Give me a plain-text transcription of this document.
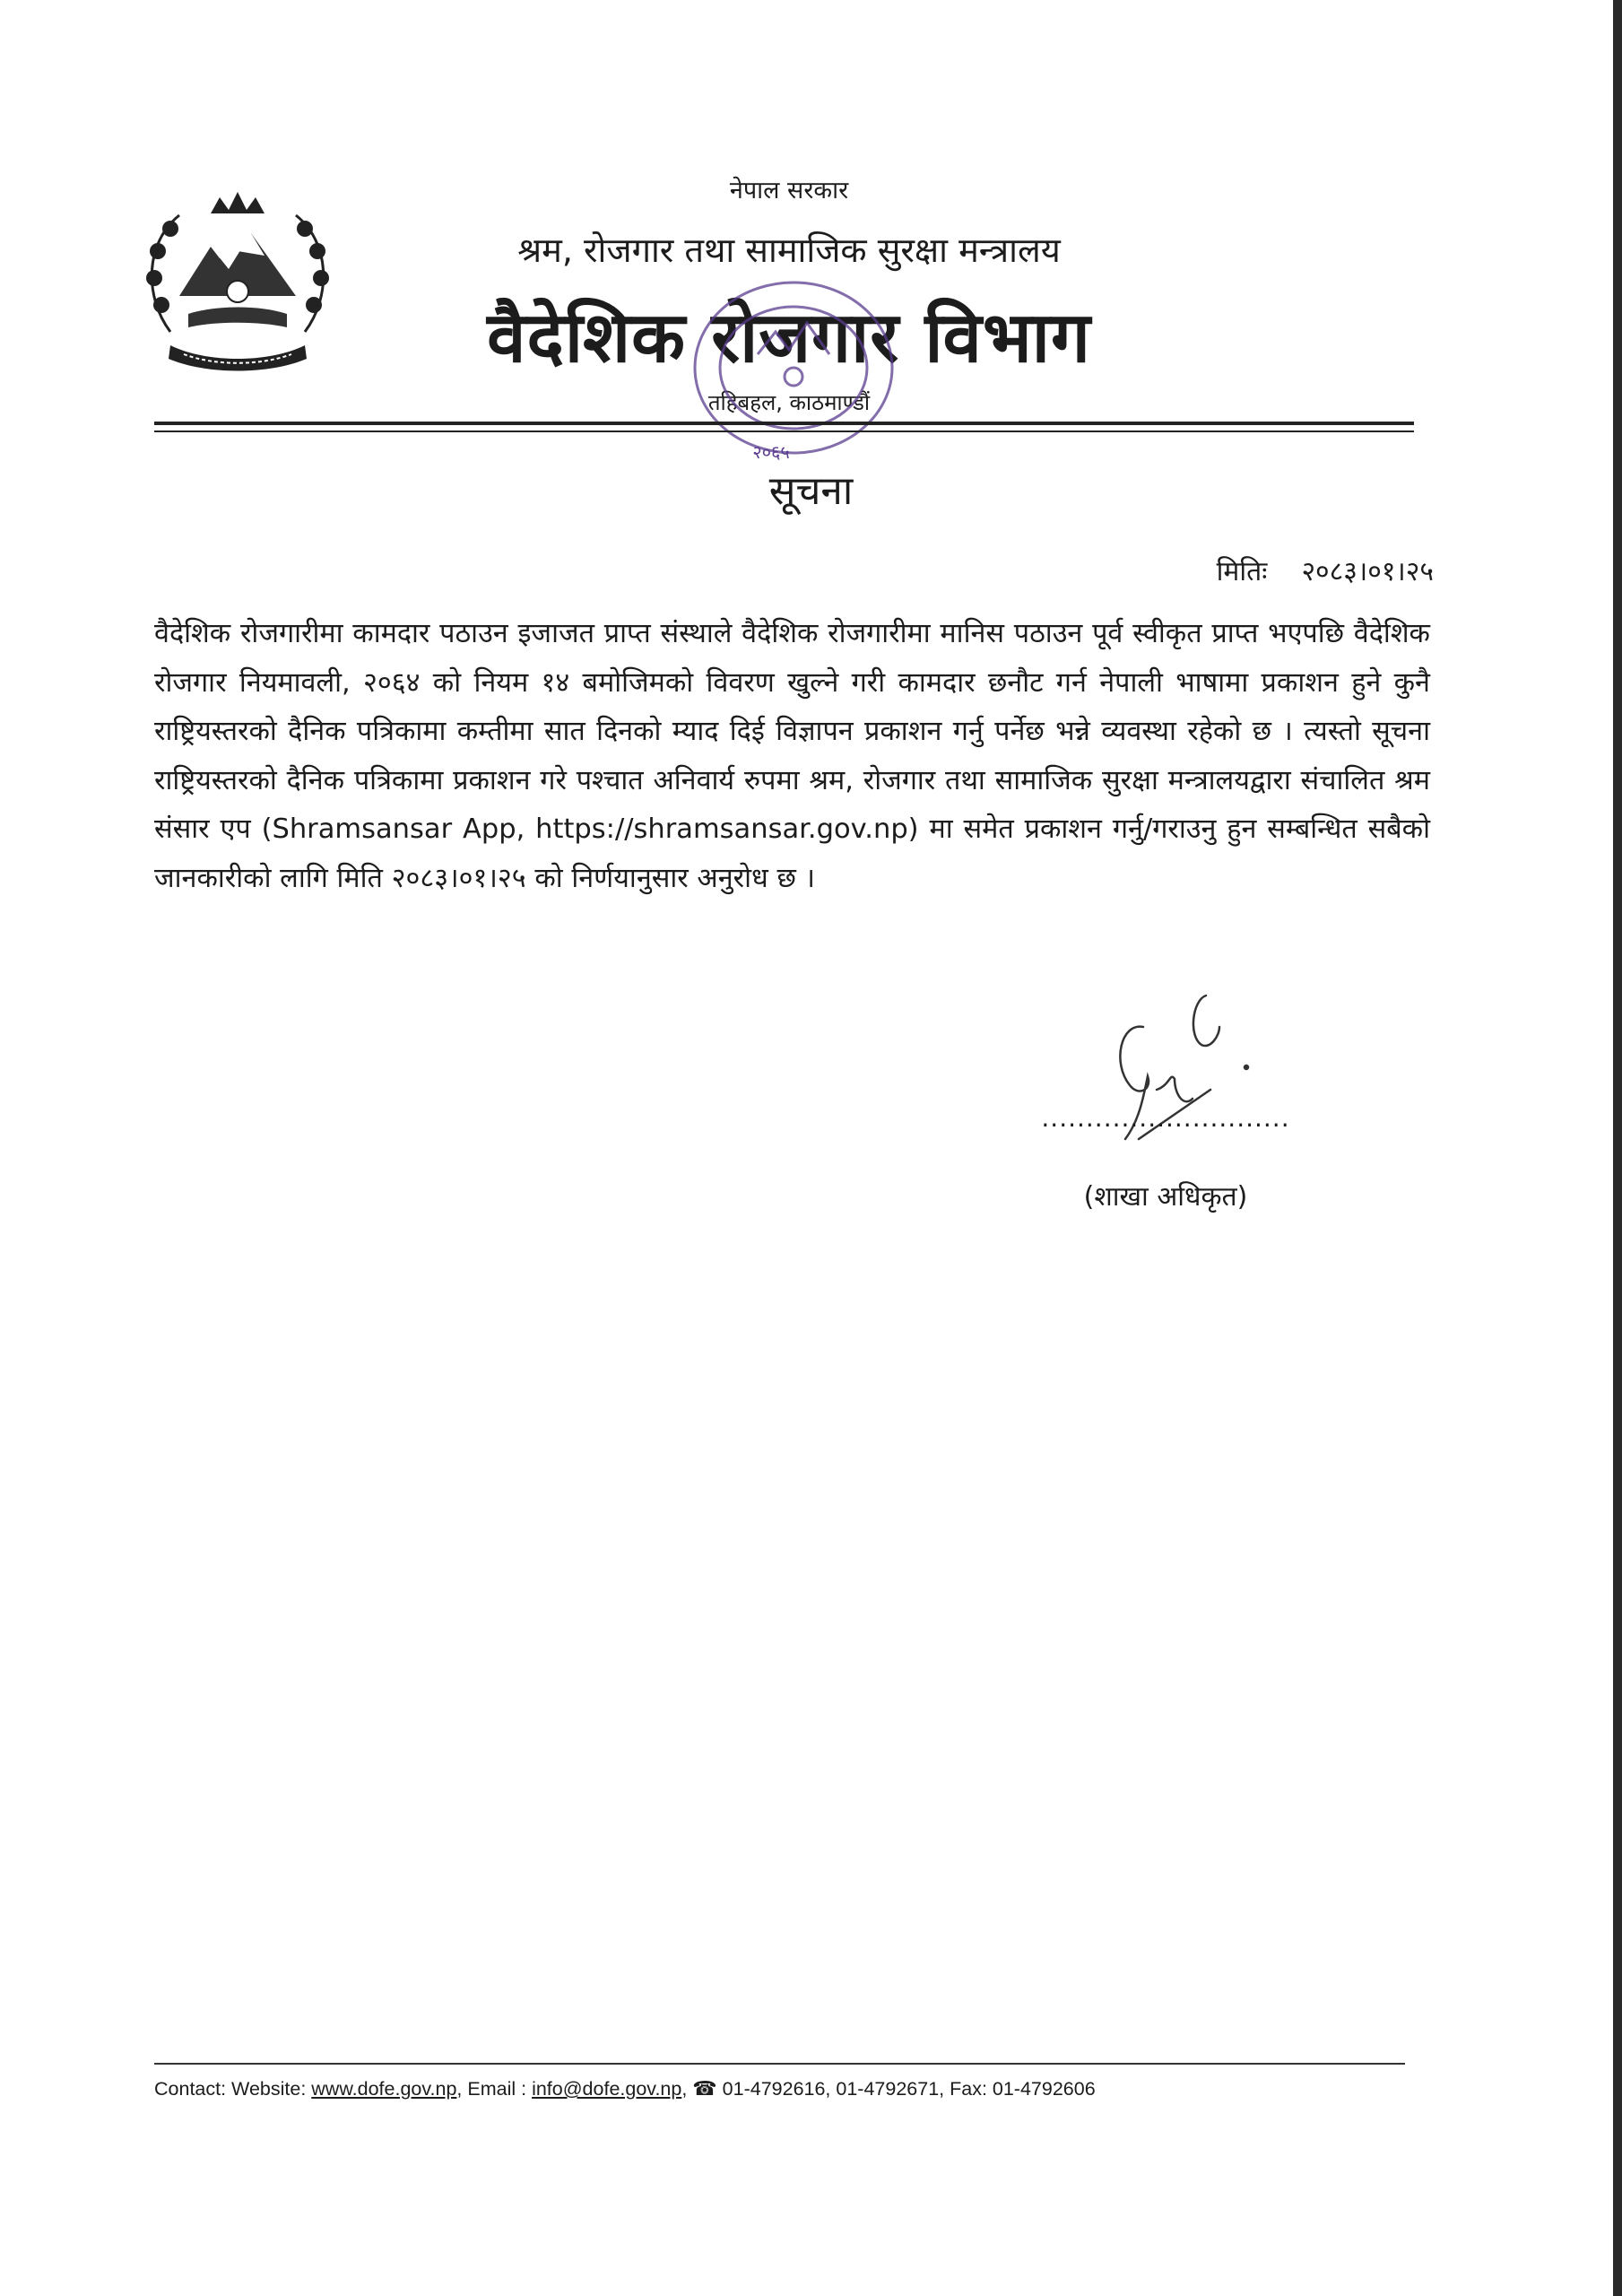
नेपाल सरकार
श्रम, रोजगार तथा सामाजिक सुरक्षा मन्त्रालय
वैदेशिक रोजगार विभाग
तहिबहल, काठमाण्डौं
२०६५
सूचना
मितिः २०८३।०१।२५
वैदेशिक रोजगारीमा कामदार पठाउन इजाजत प्राप्त संस्थाले वैदेशिक रोजगारीमा मानिस पठाउन पूर्व स्वीकृत प्राप्त भएपछि वैदेशिक रोजगार नियमावली, २०६४ को नियम १४ बमोजिमको विवरण खुल्ने गरी कामदार छनौट गर्न नेपाली भाषामा प्रकाशन हुने कुनै राष्ट्रियस्तरको दैनिक पत्रिकामा कम्तीमा सात दिनको म्याद दिई विज्ञापन प्रकाशन गर्नु पर्नेछ भन्ने व्यवस्था रहेको छ । त्यस्तो सूचना राष्ट्रियस्तरको दैनिक पत्रिकामा प्रकाशन गरे पश्चात अनिवार्य रुपमा श्रम, रोजगार तथा सामाजिक सुरक्षा मन्त्रालयद्वारा संचालित श्रम संसार एप (Shramsansar App, https://shramsansar.gov.np) मा समेत प्रकाशन गर्नु/गराउनु हुन सम्बन्धित सबैको जानकारीको लागि मिति २०८३।०१।२५ को निर्णयानुसार अनुरोध छ ।
............................
(शाखा अधिकृत)
Contact: Website: www.dofe.gov.np, Email : info@dofe.gov.np, ☎ 01-4792616, 01-4792671, Fax: 01-4792606
